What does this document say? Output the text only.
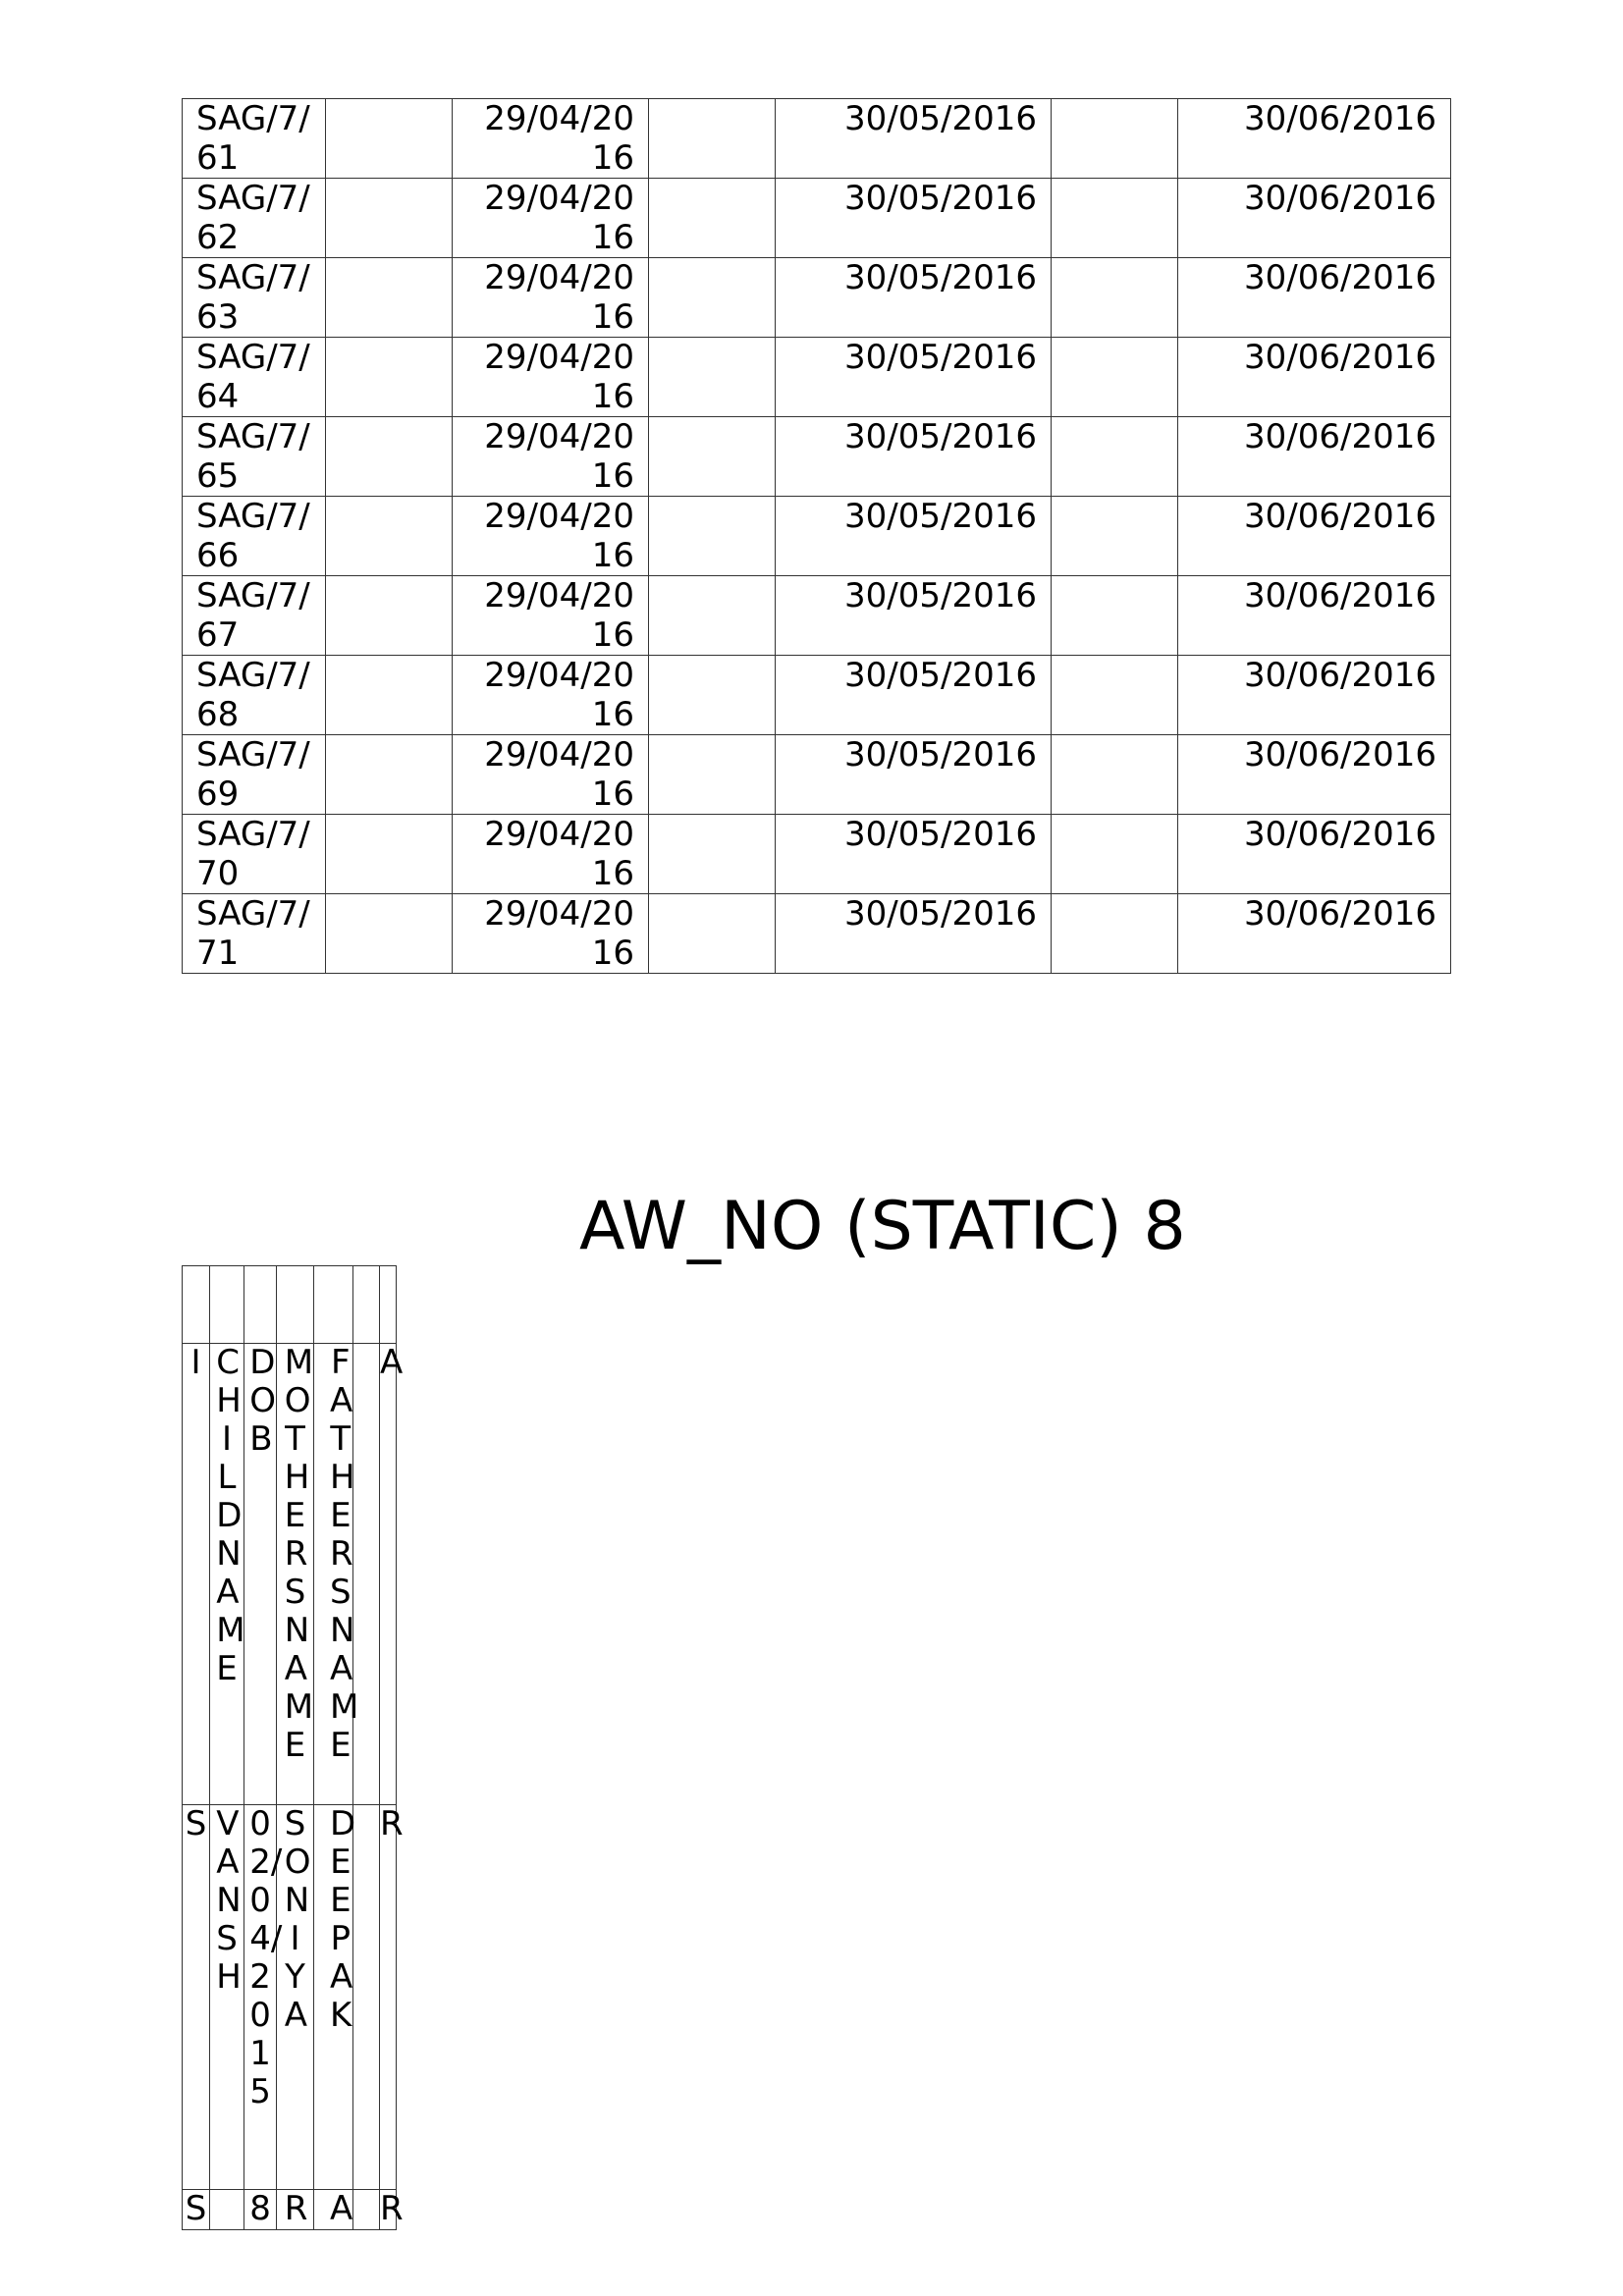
SAG/7/61		29/04/2016		30/05/2016		30/06/2016
SAG/7/62		29/04/2016		30/05/2016		30/06/2016
SAG/7/63		29/04/2016		30/05/2016		30/06/2016
SAG/7/64		29/04/2016		30/05/2016		30/06/2016
SAG/7/65		29/04/2016		30/05/2016		30/06/2016
SAG/7/66		29/04/2016		30/05/2016		30/06/2016
SAG/7/67		29/04/2016		30/05/2016		30/06/2016
SAG/7/68		29/04/2016		30/05/2016		30/06/2016
SAG/7/69		29/04/2016		30/05/2016		30/06/2016
SAG/7/70		29/04/2016		30/05/2016		30/06/2016
SAG/7/71		29/04/2016		30/05/2016		30/06/2016
AW_NO (STATIC) 8

I	CHILD NAME	DOB	MOTHERS NAME	FATHERS NAME		A

S	VANSH	02/04/2015	SONIYA	DEEPAK		R

S		8	R	A		R
